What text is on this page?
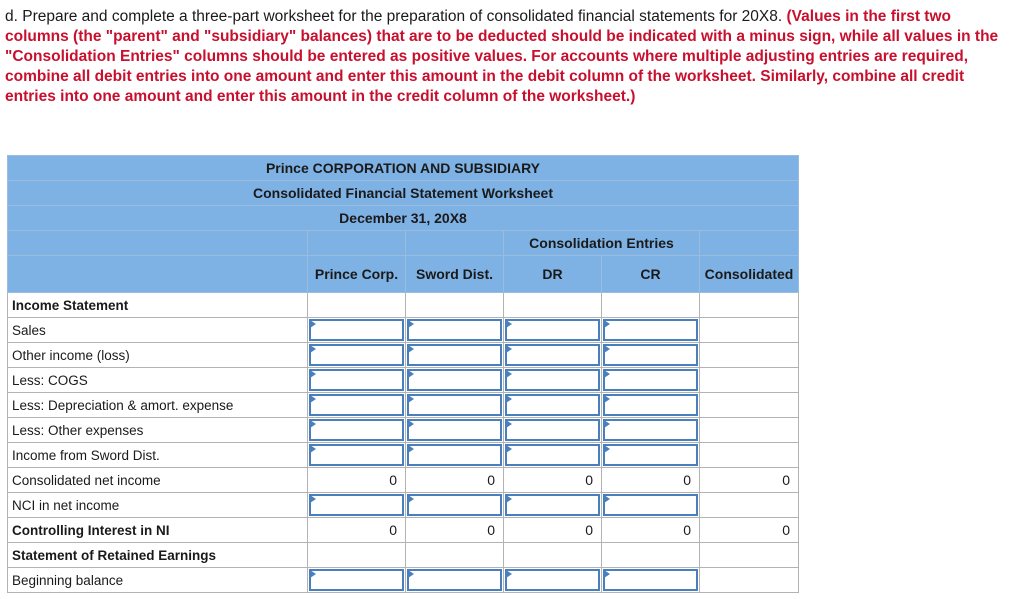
d. Prepare and complete a three-part worksheet for the preparation of consolidated financial statements for 20X8. (Values in the first two columns (the "parent" and "subsidiary" balances) that are to be deducted should be indicated with a minus sign, while all values in the "Consolidation Entries" columns should be entered as positive values. For accounts where multiple adjusting entries are required, combine all debit entries into one amount and enter this amount in the debit column of the worksheet. Similarly, combine all credit entries into one amount and enter this amount in the credit column of the worksheet.)
Prince CORPORATION AND SUBSIDIARY					
Consolidated Financial Statement Worksheet					
December 31, 20X8					
			Consolidation Entries		
	Prince Corp.	Sword Dist.	DR	CR	Consolidated
Income Statement					
Sales	

Other income (loss)	

Less: COGS	

Less: Depreciation & amort. expense	

Less: Other expenses	

Income from Sword Dist.	

Consolidated net income	0	0	0	0	0
NCI in net income	

Controlling Interest in NI	0	0	0	0	0
Statement of Retained Earnings					
Beginning balance	
